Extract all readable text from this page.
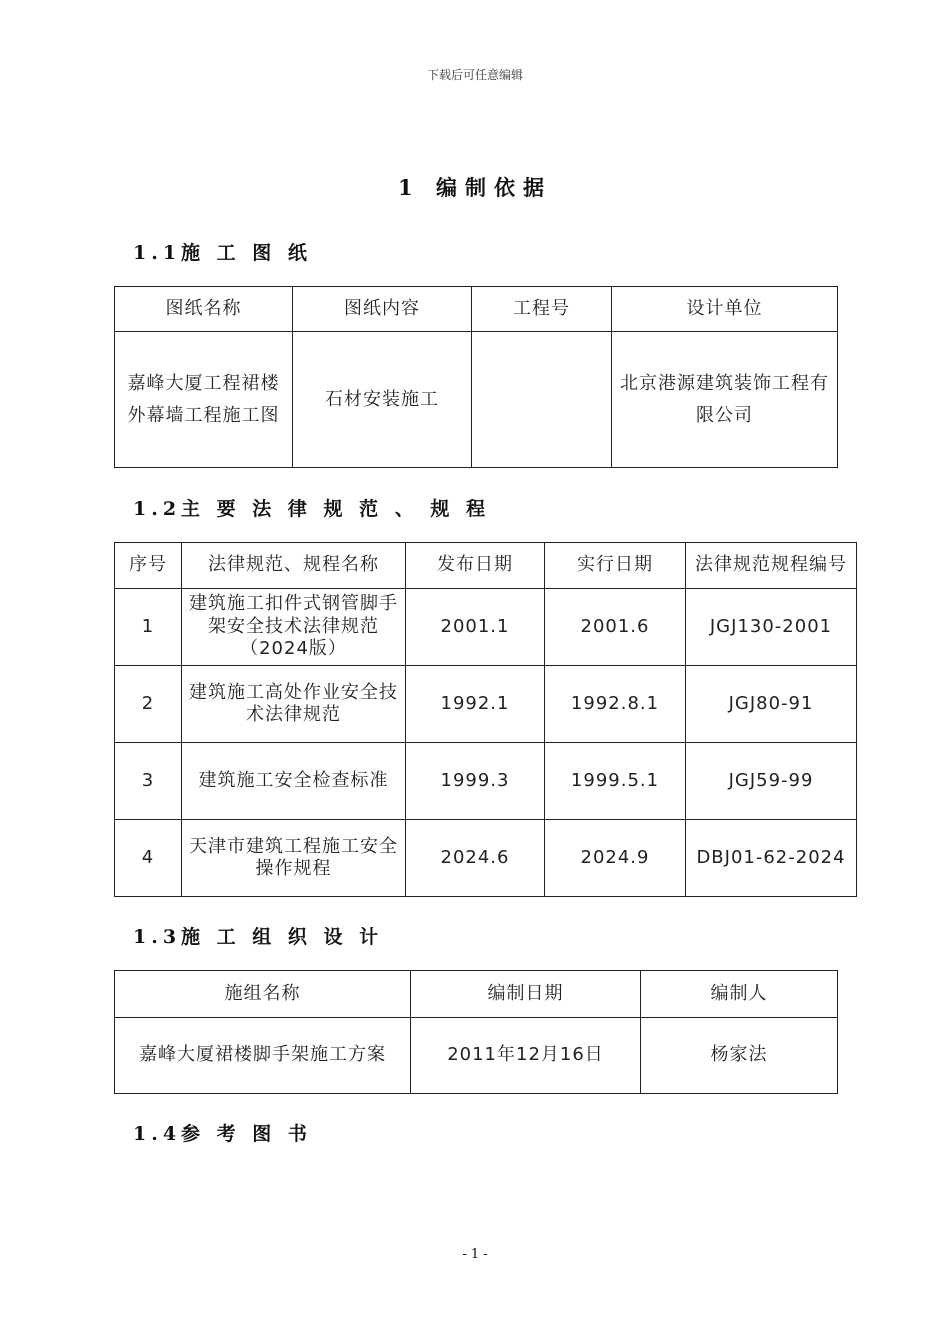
下载后可任意编辑
1 编制依据
1.1施 工 图 纸
图纸名称	图纸内容	工程号	设计单位
嘉峰大厦工程裙楼外幕墙工程施工图	石材安装施工		北京港源建筑装饰工程有限公司
1.2主 要 法 律 规 范 、 规 程
序号	法律规范、规程名称	发布日期	实行日期	法律规范规程编号
1	建筑施工扣件式钢管脚手架安全技术法律规范（2024版）	2001.1	2001.6	JGJ130-2001
2	建筑施工高处作业安全技术法律规范	1992.1	1992.8.1	JGJ80-91
3	建筑施工安全检查标准	1999.3	1999.5.1	JGJ59-99
4	天津市建筑工程施工安全操作规程	2024.6	2024.9	DBJ01-62-2024
1.3施 工 组 织 设 计
施组名称	编制日期	编制人
嘉峰大厦裙楼脚手架施工方案	2011年12月16日	杨家法
1.4参 考 图 书
- 1 -
